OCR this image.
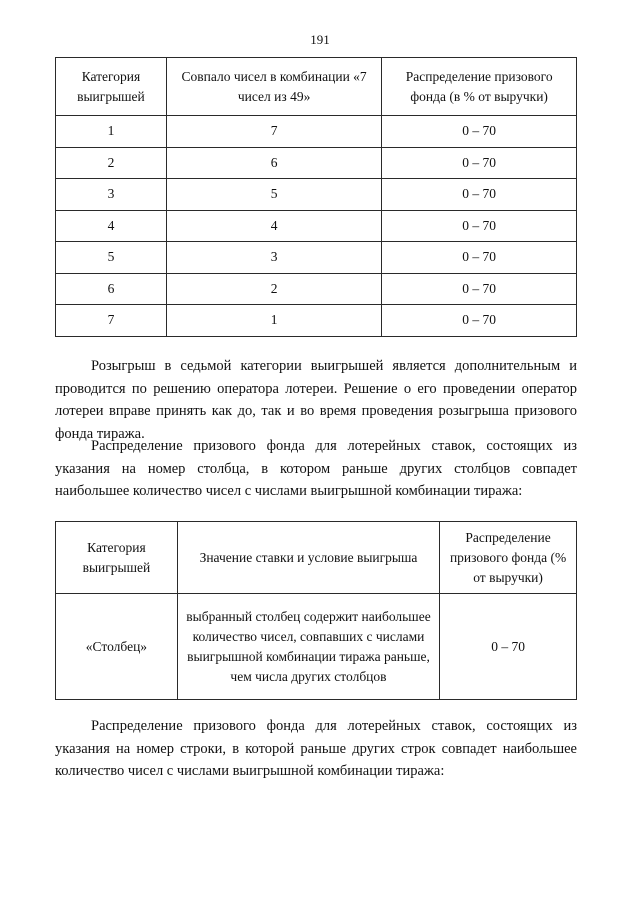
191
Категория выигрышей	Совпало чисел в комбинации «7 чисел из 49»	Распределение призового фонда (в % от выручки)
1	7	0 – 70
2	6	0 – 70
3	5	0 – 70
4	4	0 – 70
5	3	0 – 70
6	2	0 – 70
7	1	0 – 70

Розыгрыш в седьмой категории выигрышей является дополнительным и проводится по решению оператора лотереи. Решение о его проведении оператор лотереи вправе принять как до, так и во время проведения розыгрыша призового фонда тиража.

Распределение призового фонда для лотерейных ставок, состоящих из указания на номер столбца, в котором раньше других столбцов совпадет наибольшее количество чисел с числами выигрышной комбинации тиража:

Категория выигрышей	Значение ставки и условие выигрыша	Распределение призового фонда (% от выручки)
«Столбец»	выбранный столбец содержит наибольшее количество чисел, совпавших с числами выигрышной комбинации тиража раньше, чем числа других столбцов	0 – 70

Распределение призового фонда для лотерейных ставок, состоящих из указания на номер строки, в которой раньше других строк совпадет наибольшее количество чисел с числами выигрышной комбинации тиража:
